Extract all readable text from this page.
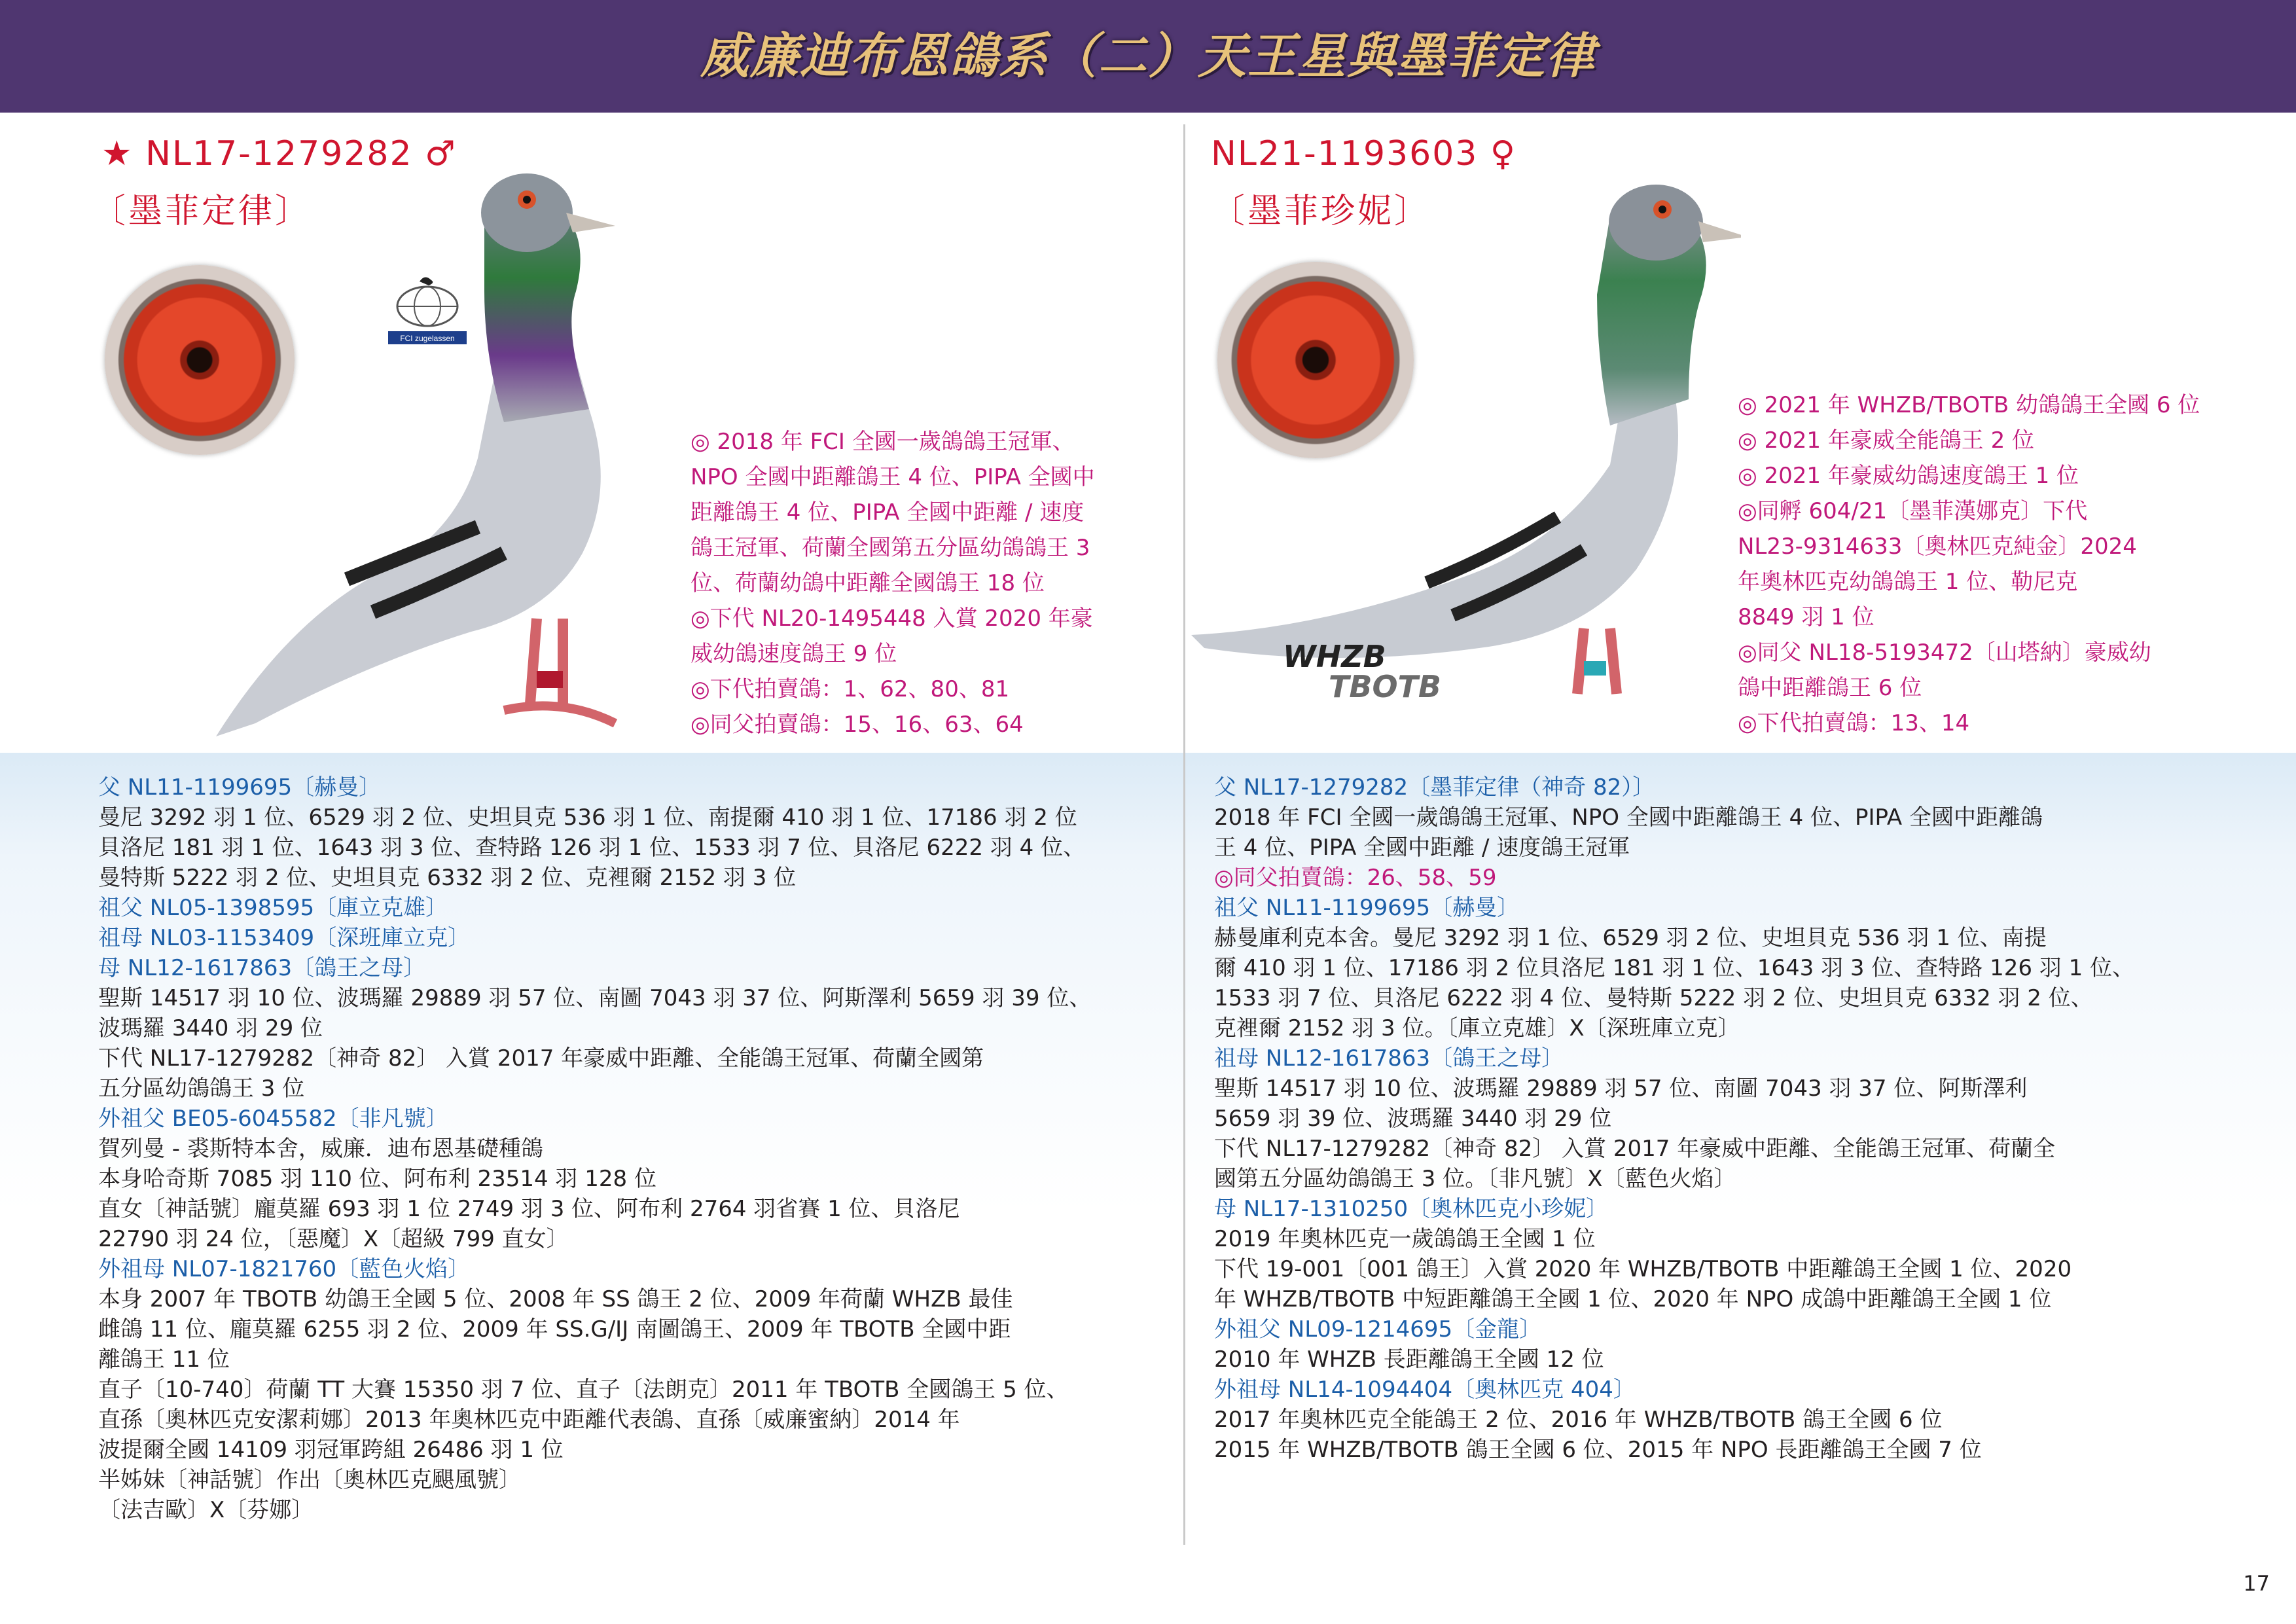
威廉迪布恩鴿系（二）天王星與墨菲定律
★ NL17-1279282 ♂
〔墨菲定律〕
FCI zugelassen
◎ 2018 年 FCI 全國一歲鴿鴿王冠軍、
NPO 全國中距離鴿王 4 位、PIPA 全國中
距離鴿王 4 位、PIPA 全國中距離 / 速度
鴿王冠軍、荷蘭全國第五分區幼鴿鴿王 3
位、荷蘭幼鴿中距離全國鴿王 18 位
◎下代 NL20-1495448 入賞 2020 年豪
威幼鴿速度鴿王 9 位
◎下代拍賣鴿：1、62、80、81
◎同父拍賣鴿：15、16、63、64
父 NL11-1199695〔赫曼〕
曼尼 3292 羽 1 位、6529 羽 2 位、史坦貝克 536 羽 1 位、南提爾 410 羽 1 位、17186 羽 2 位
貝洛尼 181 羽 1 位、1643 羽 3 位、查特路 126 羽 1 位、1533 羽 7 位、貝洛尼 6222 羽 4 位、
曼特斯 5222 羽 2 位、史坦貝克 6332 羽 2 位、克裡爾 2152 羽 3 位
祖父 NL05-1398595〔庫立克雄〕
祖母 NL03-1153409〔深班庫立克〕
母 NL12-1617863〔鴿王之母〕
聖斯 14517 羽 10 位、波瑪羅 29889 羽 57 位、南圖 7043 羽 37 位、阿斯澤利 5659 羽 39 位、
波瑪羅 3440 羽 29 位
下代 NL17-1279282〔神奇 82〕 入賞 2017 年豪威中距離、全能鴿王冠軍、荷蘭全國第
五分區幼鴿鴿王 3 位
外祖父 BE05-6045582〔非凡號〕
賀列曼 - 裘斯特本舍，威廉．迪布恩基礎種鴿
本身哈奇斯 7085 羽 110 位、阿布利 23514 羽 128 位
直女〔神話號〕龐莫羅 693 羽 1 位 2749 羽 3 位、阿布利 2764 羽省賽 1 位、貝洛尼
22790 羽 24 位，〔惡魔〕X〔超級 799 直女〕
外祖母 NL07-1821760〔藍色火焰〕
本身 2007 年 TBOTB 幼鴿王全國 5 位、2008 年 SS 鴿王 2 位、2009 年荷蘭 WHZB 最佳
雌鴿 11 位、龐莫羅 6255 羽 2 位、2009 年 SS.G/IJ 南圖鴿王、2009 年 TBOTB 全國中距
離鴿王 11 位
直子〔10-740〕荷蘭 TT 大賽 15350 羽 7 位、直子〔法朗克〕2011 年 TBOTB 全國鴿王 5 位、
直孫〔奧林匹克安潔莉娜〕2013 年奧林匹克中距離代表鴿、直孫〔威廉蜜納〕2014 年
波提爾全國 14109 羽冠軍跨組 26486 羽 1 位
半姊妹〔神話號〕作出〔奧林匹克颶風號〕
〔法吉歐〕X〔芬娜〕
NL21-1193603 ♀
〔墨菲珍妮〕
WHZB
TBOTB
◎ 2021 年 WHZB/TBOTB 幼鴿鴿王全國 6 位
◎ 2021 年豪威全能鴿王 2 位
◎ 2021 年豪威幼鴿速度鴿王 1 位
◎同孵 604/21〔墨菲漢娜克〕下代
NL23-9314633〔奧林匹克純金〕2024
年奧林匹克幼鴿鴿王 1 位、勒尼克
8849 羽 1 位
◎同父 NL18-5193472〔山塔納〕豪威幼
鴿中距離鴿王 6 位
◎下代拍賣鴿：13、14
父 NL17-1279282〔墨菲定律（神奇 82）〕
2018 年 FCI 全國一歲鴿鴿王冠軍、NPO 全國中距離鴿王 4 位、PIPA 全國中距離鴿
王 4 位、PIPA 全國中距離 / 速度鴿王冠軍
◎同父拍賣鴿：26、58、59
祖父 NL11-1199695〔赫曼〕
赫曼庫利克本舍。曼尼 3292 羽 1 位、6529 羽 2 位、史坦貝克 536 羽 1 位、南提
爾 410 羽 1 位、17186 羽 2 位貝洛尼 181 羽 1 位、1643 羽 3 位、查特路 126 羽 1 位、
1533 羽 7 位、貝洛尼 6222 羽 4 位、曼特斯 5222 羽 2 位、史坦貝克 6332 羽 2 位、
克裡爾 2152 羽 3 位。〔庫立克雄〕X〔深班庫立克〕
祖母 NL12-1617863〔鴿王之母〕
聖斯 14517 羽 10 位、波瑪羅 29889 羽 57 位、南圖 7043 羽 37 位、阿斯澤利
5659 羽 39 位、波瑪羅 3440 羽 29 位
下代 NL17-1279282〔神奇 82〕 入賞 2017 年豪威中距離、全能鴿王冠軍、荷蘭全
國第五分區幼鴿鴿王 3 位。〔非凡號〕X〔藍色火焰〕
母 NL17-1310250〔奧林匹克小珍妮〕
2019 年奧林匹克一歲鴿鴿王全國 1 位
下代 19-001〔001 鴿王〕入賞 2020 年 WHZB/TBOTB 中距離鴿王全國 1 位、2020
年 WHZB/TBOTB 中短距離鴿王全國 1 位、2020 年 NPO 成鴿中距離鴿王全國 1 位
外祖父 NL09-1214695〔金龍〕
2010 年 WHZB 長距離鴿王全國 12 位
外祖母 NL14-1094404〔奧林匹克 404〕
2017 年奧林匹克全能鴿王 2 位、2016 年 WHZB/TBOTB 鴿王全國 6 位
2015 年 WHZB/TBOTB 鴿王全國 6 位、2015 年 NPO 長距離鴿王全國 7 位
17
